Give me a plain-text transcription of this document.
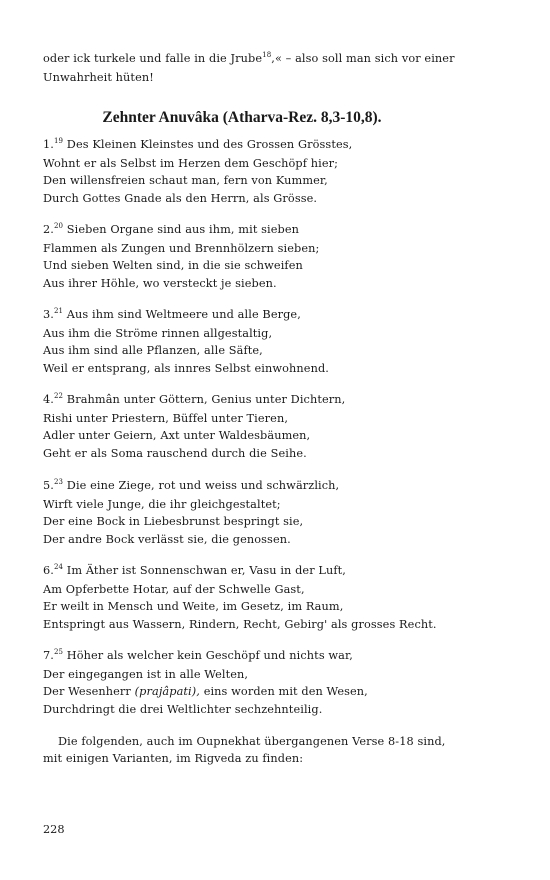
oder ick turkele und falle in die Jrube$^{18}$,« – also soll man sich vor einer
Unwahrheit hüten!
Zehnter Anuvâka (Atharva-Rez. 8,3-10,8).
1.19 Des Kleinen Kleinstes und des Grossen Grösstes,
Wohnt er als Selbst im Herzen dem Geschöpf hier;
Den willensfreien schaut man, fern von Kummer,
Durch Gottes Gnade als den Herrn, als Grösse.
2.20 Sieben Organe sind aus ihm, mit sieben
Flammen als Zungen und Brennhölzern sieben;
Und sieben Welten sind, in die sie schweifen
Aus ihrer Höhle, wo versteckt je sieben.
3.21 Aus ihm sind Weltmeere und alle Berge,
Aus ihm die Ströme rinnen allgestaltig,
Aus ihm sind alle Pflanzen, alle Säfte,
Weil er entsprang, als innres Selbst einwohnend.
4.22 Brahmân unter Göttern, Genius unter Dichtern,
Rishi unter Priestern, Büffel unter Tieren,
Adler unter Geiern, Axt unter Waldesbäumen,
Geht er als Soma rauschend durch die Seihe.
5.23 Die eine Ziege, rot und weiss und schwärzlich,
Wirft viele Junge, die ihr gleichgestaltet;
Der eine Bock in Liebesbrunst bespringt sie,
Der andre Bock verlässt sie, die genossen.
6.24 Im Äther ist Sonnenschwan er, Vasu in der Luft,
Am Opferbette Hotar, auf der Schwelle Gast,
Er weilt in Mensch und Weite, im Gesetz, im Raum,
Entspringt aus Wassern, Rindern, Recht, Gebirg' als grosses Recht.
7.25 Höher als welcher kein Geschöpf und nichts war,
Der eingegangen ist in alle Welten,
Der Wesenherr (prajâpati), eins worden mit den Wesen,
Durchdringt die drei Weltlichter sechzehnteilig.
Die folgenden, auch im Oupnekhat übergangenen Verse 8-18 sind,
mit einigen Varianten, im Rigveda zu finden:
228
